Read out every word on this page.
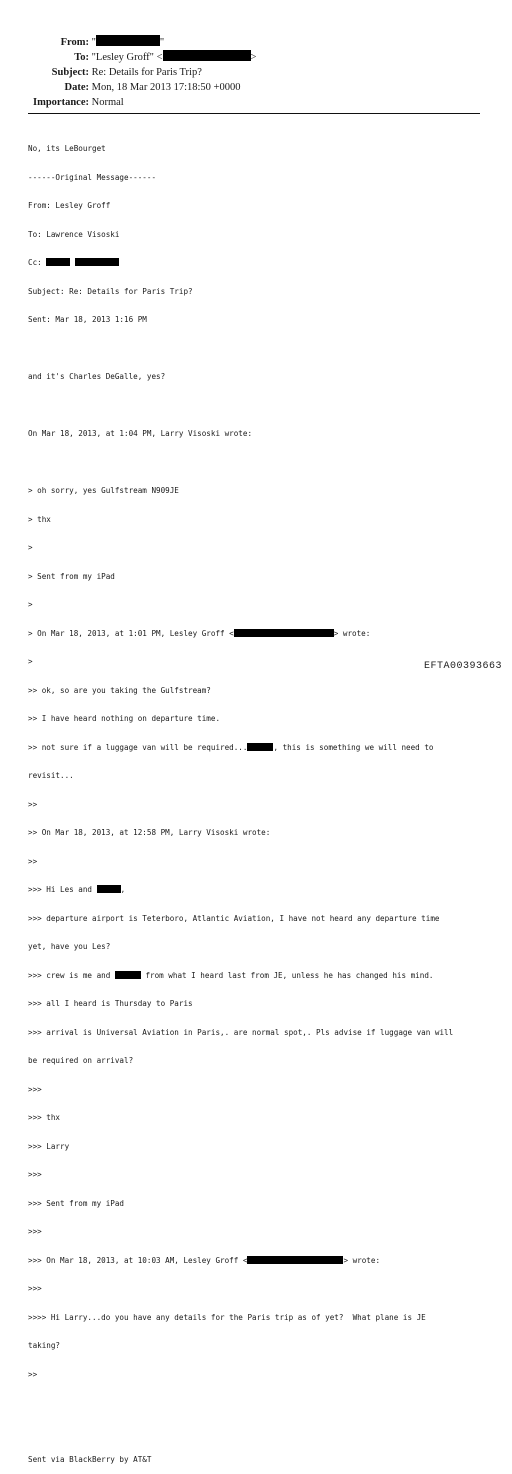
From: "	"
To: "Lesley Groff" <	>
Subject: Re: Details for Paris Trip?
Date: Mon, 18 Mar 2013 17:18:50 +0000
Importance: Normal

No, its LeBourget

------Original Message------

From: Lesley Groff

To: Lawrence Visoski

Cc:

Subject: Re: Details for Paris Trip?

Sent: Mar 18, 2013 1:16 PM

and it's Charles DeGalle, yes?

On Mar 18, 2013, at 1:04 PM, Larry Visoski wrote:

> oh sorry, yes Gulfstream N909JE

> thx

>

> Sent from my iPad

>

> On Mar 18, 2013, at 1:01 PM, Lesley Groff <	> wrote:

>

>> ok, so are you taking the Gulfstream?

>> I have heard nothing on departure time.

>> not sure if a luggage van will be required...	, this is something we will need to

revisit...

>>

>> On Mar 18, 2013, at 12:58 PM, Larry Visoski wrote:

>>

>>> Hi Les and	,

>>> departure airport is Teterboro, Atlantic Aviation, I have not heard any departure time

yet, have you Les?

>>> crew is me and	from what I heard last from JE, unless he has changed his mind.

>>> all I heard is Thursday to Paris

>>> arrival is Universal Aviation in Paris,. are normal spot,. Pls advise if luggage van will

be required on arrival?

>>>

>>> thx

>>> Larry

>>>

>>> Sent from my iPad

>>>

>>> On Mar 18, 2013, at 10:03 AM, Lesley Groff <	> wrote:

>>>

>>>> Hi Larry...do you have any details for the Paris trip as of yet?  What plane is JE

taking?

>>

Sent via BlackBerry by AT&T

EFTA00393663
